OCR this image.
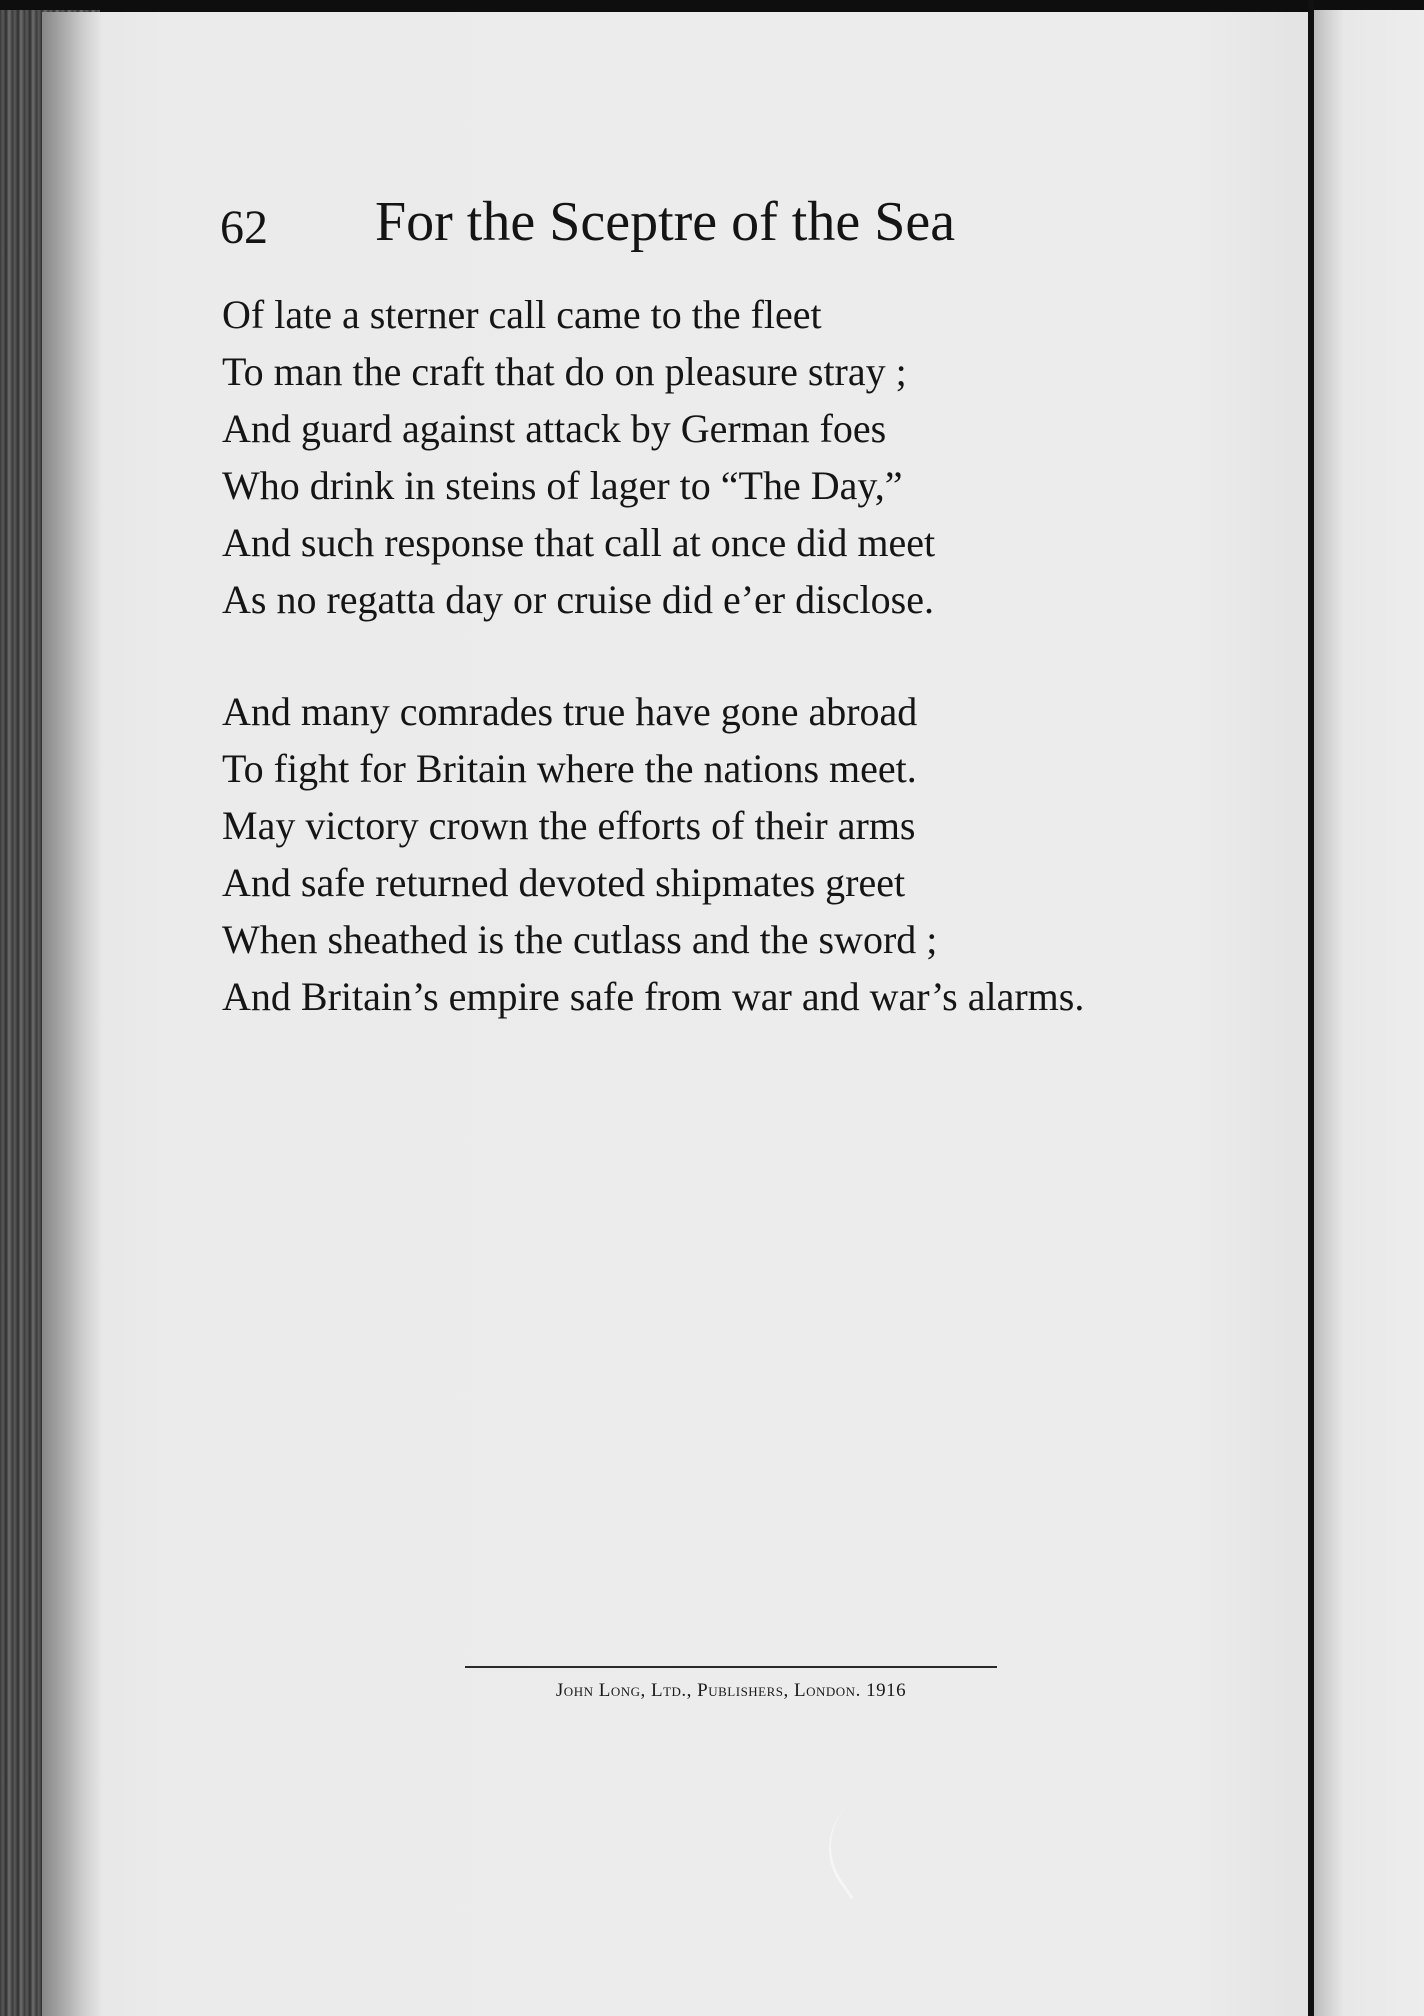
62 For the Sceptre of the Sea
Of late a sterner call came to the fleet
To man the craft that do on pleasure stray ;
And guard against attack by German foes
Who drink in steins of lager to “The Day,”
And such response that call at once did meet
As no regatta day or cruise did e’er disclose.
And many comrades true have gone abroad
To fight for Britain where the nations meet.
May victory crown the efforts of their arms
And safe returned devoted shipmates greet
When sheathed is the cutlass and the sword ;
And Britain’s empire safe from war and war’s alarms.
John Long, Ltd., Publishers, London. 1916
